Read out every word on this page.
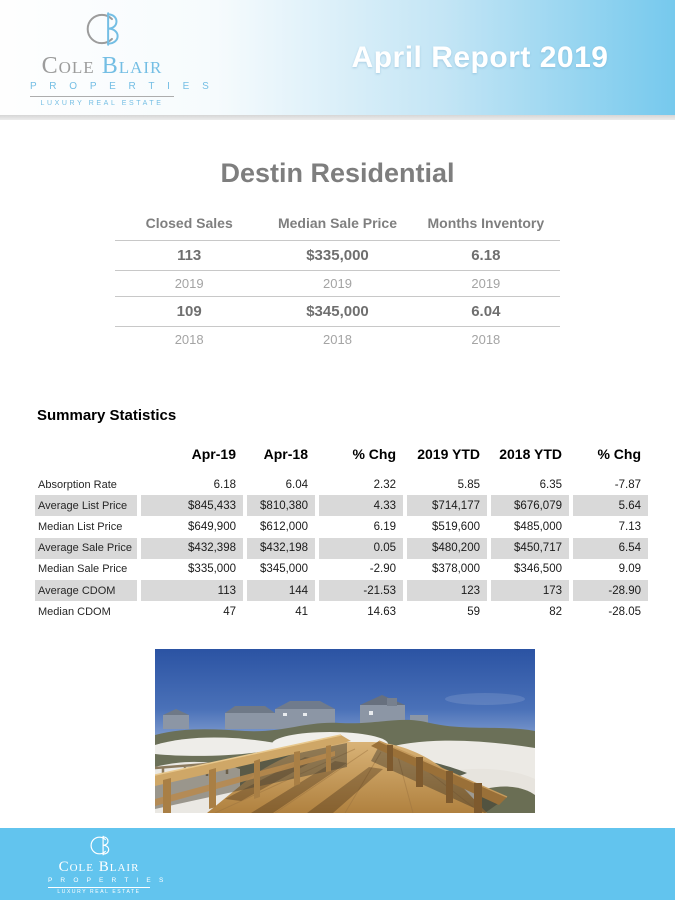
Cole Blair
P R O P E R T I E S
LUXURY REAL ESTATE
April Report 2019
Destin Residential
Closed Sales	Median Sale Price	Months Inventory
113	$335,000	6.18
2019	2019	2019
109	$345,000	6.04
2018	2018	2018
Summary Statistics
	Apr-19	Apr-18	% Chg	2019 YTD	2018 YTD	% Chg
Absorption Rate	6.18	6.04	2.32	5.85	6.35	-7.87
Average List Price	$845,433	$810,380	4.33	$714,177	$676,079	5.64
Median List Price	$649,900	$612,000	6.19	$519,600	$485,000	7.13
Average Sale Price	$432,398	$432,198	0.05	$480,200	$450,717	6.54
Median Sale Price	$335,000	$345,000	-2.90	$378,000	$346,500	9.09
Average CDOM	113	144	-21.53	123	173	-28.90
Median CDOM	47	41	14.63	59	82	-28.05
Cole Blair
P R O P E R T I E S
LUXURY REAL ESTATE
